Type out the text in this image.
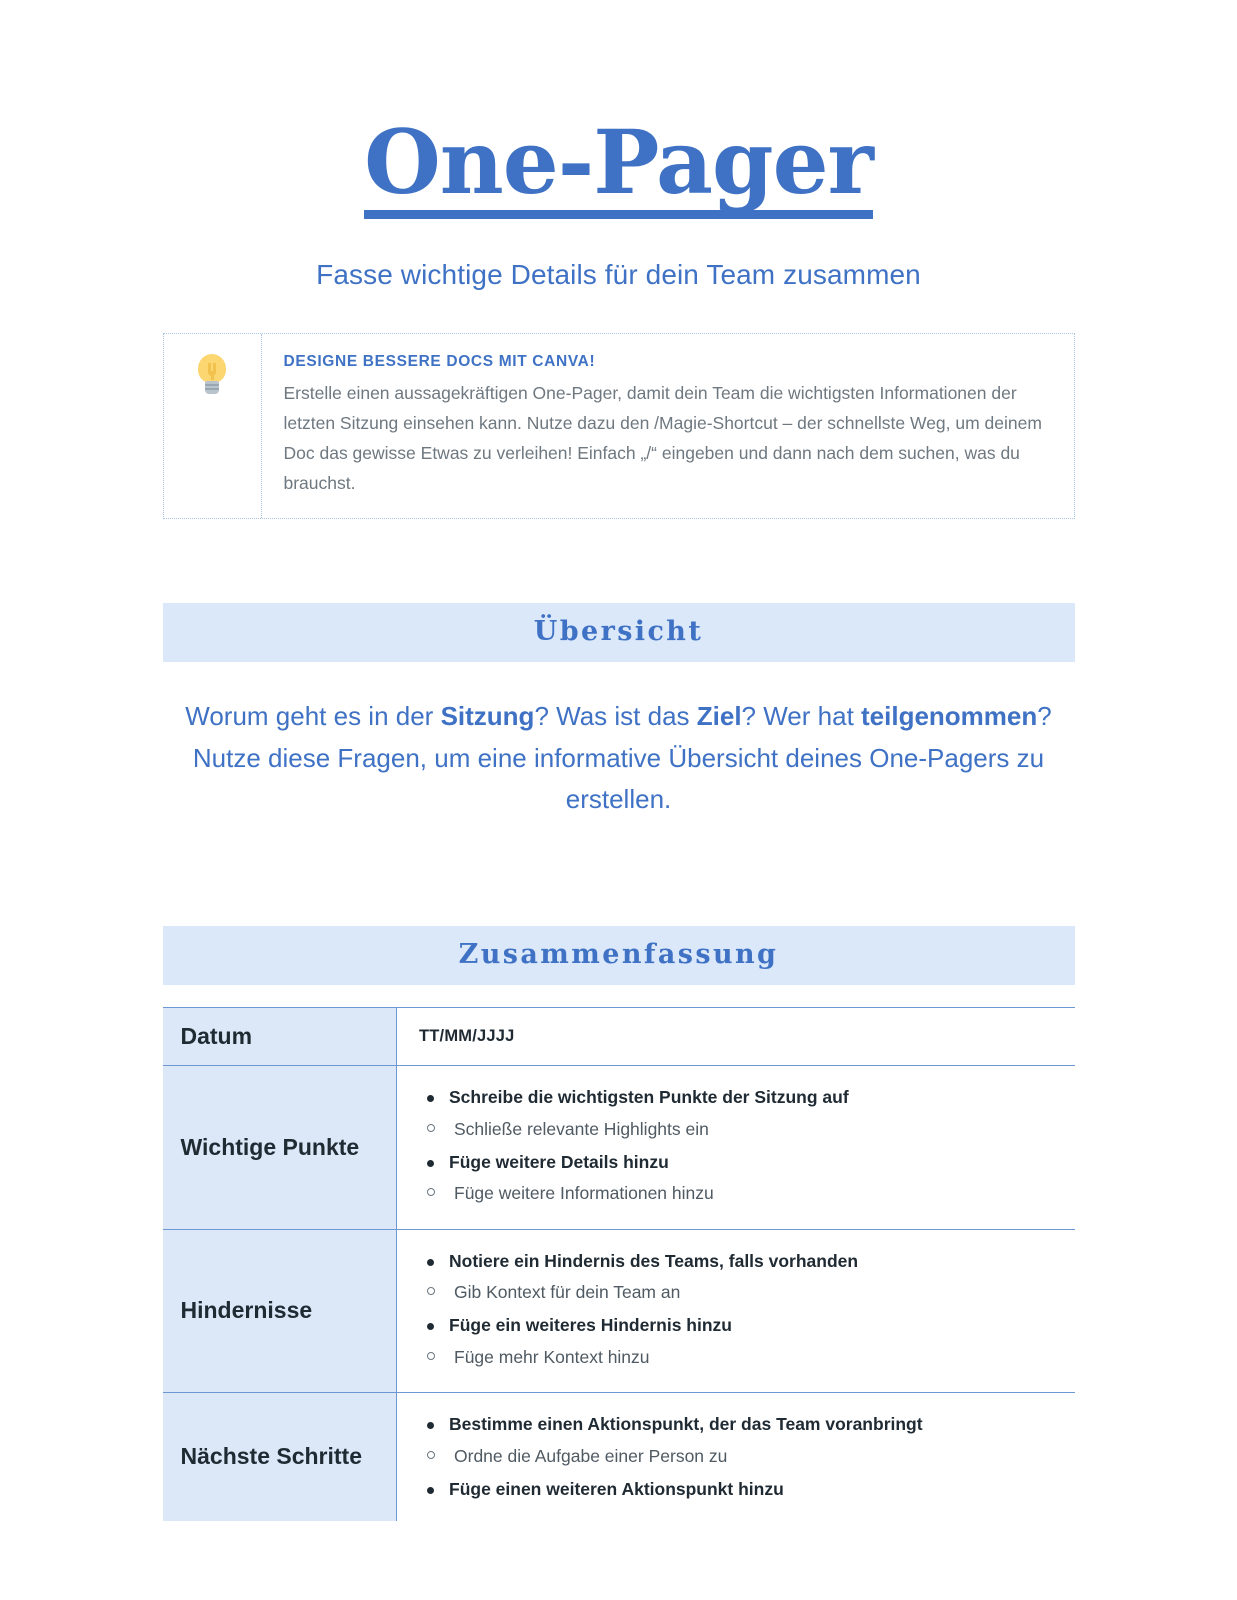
One-Pager

Fasse wichtige Details für dein Team zusammen

DESIGNE BESSERE DOCS MIT CANVA!

Erstelle einen aussagekräftigen One-Pager, damit dein Team die wichtigsten Informationen der letzten Sitzung einsehen kann. Nutze dazu den /Magie-Shortcut – der schnellste Weg, um deinem Doc das gewisse Etwas zu verleihen! Einfach „/“ eingeben und dann nach dem suchen, was du brauchst.

Übersicht

Worum geht es in der Sitzung? Was ist das Ziel? Wer hat teilgenommen? Nutze diese Fragen, um eine informative Übersicht deines One-Pagers zu erstellen.

Zusammenfassung

Datum	TT/MM/JJJJ

Wichtige Punkte	
Schreibe die wichtigsten Punkte der Sitzung auf
Schließe relevante Highlights ein
Füge weitere Details hinzu
Füge weitere Informationen hinzu

Hindernisse	
Notiere ein Hindernis des Teams, falls vorhanden
Gib Kontext für dein Team an
Füge ein weiteres Hindernis hinzu
Füge mehr Kontext hinzu

Nächste Schritte	
Bestimme einen Aktionspunkt, der das Team voranbringt
Ordne die Aufgabe einer Person zu
Füge einen weiteren Aktionspunkt hinzu
